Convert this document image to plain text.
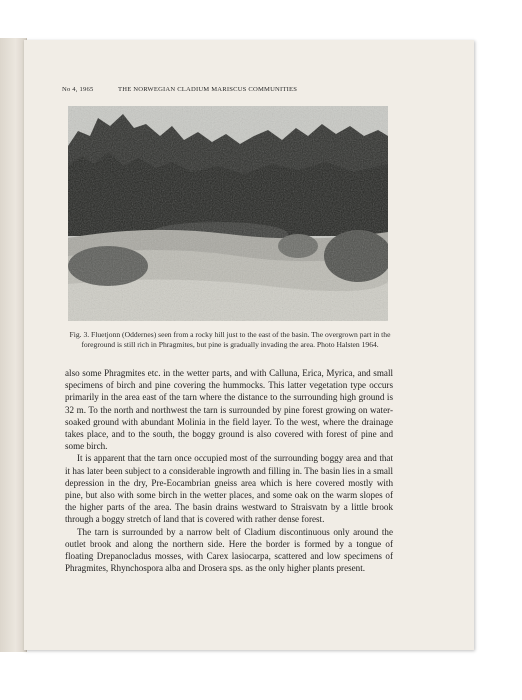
No 4, 1965	THE NORWEGIAN CLADIUM MARISCUS COMMUNITIES
Fig. 3. Fluetjonn (Oddernes) seen from a rocky hill just to the east of the basin. The overgrown part in the foreground is still rich in Phragmites, but pine is gradually invading the area. Photo Halsten 1964.

also some Phragmites etc. in the wetter parts, and with Calluna, Erica, Myrica, and small specimens of birch and pine covering the hummocks. This latter vegetation type occurs primarily in the area east of the tarn where the distance to the surrounding high ground is 32 m. To the north and northwest the tarn is surrounded by pine forest growing on water-soaked ground with abundant Molinia in the field layer. To the west, where the drainage takes place, and to the south, the boggy ground is also covered with forest of pine and some birch.

It is apparent that the tarn once occupied most of the surrounding boggy area and that it has later been subject to a considerable ingrowth and filling in. The basin lies in a small depression in the dry, Pre-Eocambrian gneiss area which is here covered mostly with pine, but also with some birch in the wetter places, and some oak on the warm slopes of the higher parts of the area. The basin drains westward to Straisvatn by a little brook through a boggy stretch of land that is covered with rather dense forest.

The tarn is surrounded by a narrow belt of Cladium discontinuous only around the outlet brook and along the northern side. Here the border is formed by a tongue of floating Drepanocladus mosses, with Carex lasiocarpa, scattered and low specimens of Phragmites, Rhynchospora alba and Drosera sps. as the only higher plants present.
